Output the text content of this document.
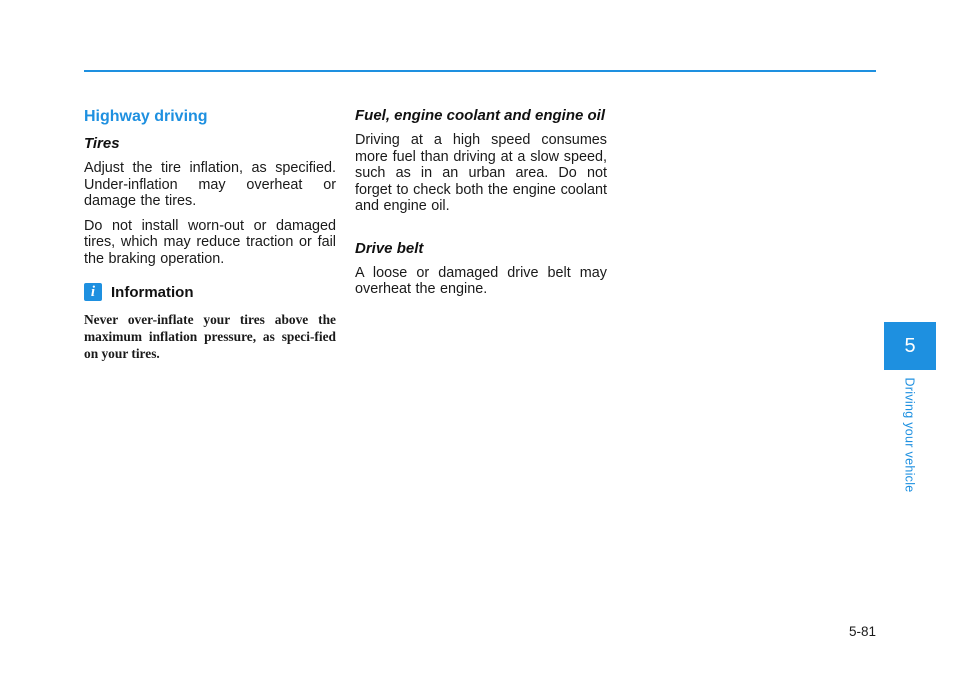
Highway driving
Tires

Adjust the tire inflation, as specified. Under-inflation may overheat or damage the tires.

Do not install worn-out or damaged tires, which may reduce traction or fail the braking operation.

i	Information

Never over-inflate your tires above the maximum inflation pressure, as speci-fied on your tires.

Fuel, engine coolant and engine oil

Driving at a high speed consumes more fuel than driving at a slow speed, such as in an urban area. Do not forget to check both the engine coolant and engine oil.

Drive belt

A loose or damaged drive belt may overheat the engine.

5
Driving your vehicle
5-81
